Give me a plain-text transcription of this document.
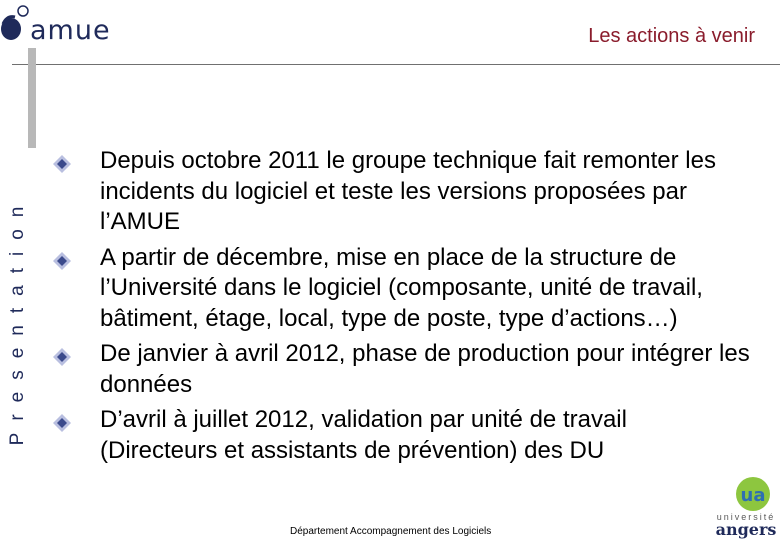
amue	Les actions à venir
Presentation
Depuis octobre 2011 le groupe technique fait remonter les incidents du logiciel et teste les versions proposées par l’AMUE
A partir de décembre, mise en place de la structure de l’Université dans le logiciel (composante, unité de travail, bâtiment, étage, local, type de poste, type d’actions…)
De janvier à avril 2012, phase de production pour intégrer les données
D’avril à juillet 2012, validation par unité de travail (Directeurs et assistants de prévention) des DU
Département Accompagnement des Logiciels
ua
université
angers
